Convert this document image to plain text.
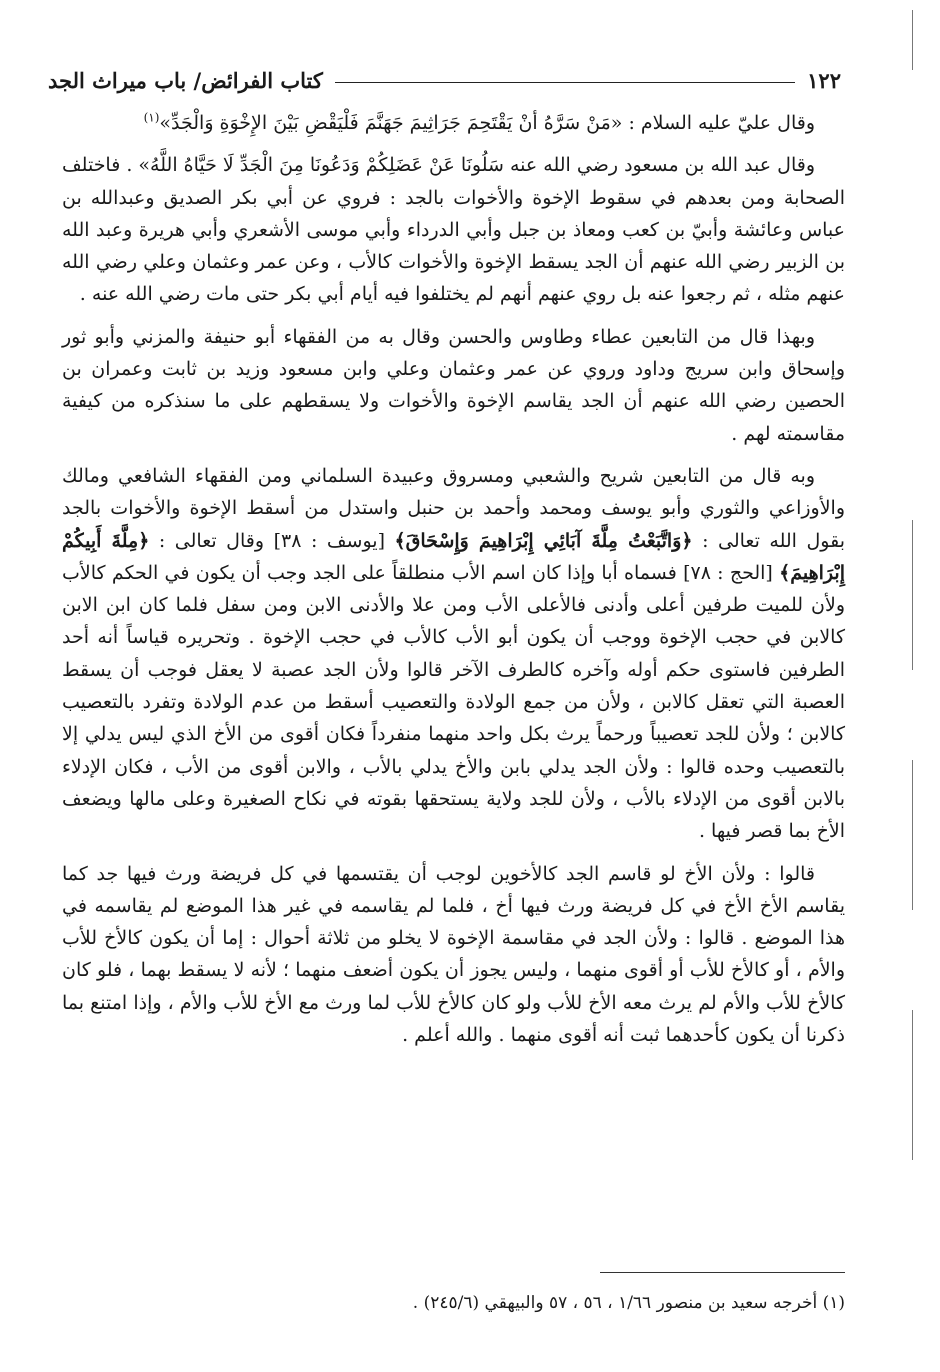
١٢٢
كتاب الفرائض/ باب ميراث الجد

وقال عليّ عليه السلام : «مَنْ سَرَّهُ أنْ يَقْتَحِمَ جَرَاثِيمَ جَهَنَّمَ فَلْيَقْضِ بَيْنَ الإِخْوَةِ وَالْجَدِّ»$^{(١)}$

وقال عبد الله بن مسعود رضي الله عنه سَلُونَا عَنْ عَضَلِكُمْ وَدَعُونَا مِنَ الْجَدِّ لَا حَيَّاهُ اللَّهُ» . فاختلف الصحابة ومن بعدهم في سقوط الإخوة والأخوات بالجد : فروي عن أبي بكر الصديق وعبدالله بن عباس وعائشة وأبيّ بن كعب ومعاذ بن جبل وأبي الدرداء وأبي موسى الأشعري وأبي هريرة وعبد الله بن الزبير رضي الله عنهم أن الجد يسقط الإخوة والأخوات كالأب ، وعن عمر وعثمان وعلي رضي الله عنهم مثله ، ثم رجعوا عنه بل روي عنهم أنهم لم يختلفوا فيه أيام أبي بكر حتى مات رضي الله عنه .

وبهذا قال من التابعين عطاء وطاوس والحسن وقال به من الفقهاء أبو حنيفة والمزني وأبو ثور وإسحاق وابن سريج وداود وروي عن عمر وعثمان وعلي وابن مسعود وزيد بن ثابت وعمران بن الحصين رضي الله عنهم أن الجد يقاسم الإخوة والأخوات ولا يسقطهم على ما سنذكره من كيفية مقاسمته لهم .

وبه قال من التابعين شريح والشعبي ومسروق وعبيدة السلماني ومن الفقهاء الشافعي ومالك والأوزاعي والثوري وأبو يوسف ومحمد وأحمد بن حنبل واستدل من أسقط الإخوة والأخوات بالجد بقول الله تعالى : ﴿وَاتَّبَعْتُ مِلَّةَ آبَائِي إِبْرَاهِيمَ وَإِسْحَاقَ﴾ [يوسف : ٣٨] وقال تعالى : ﴿مِلَّةَ أَبِيكُمْ إِبْرَاهِيمَ﴾ [الحج : ٧٨] فسماه أبا وإذا كان اسم الأب منطلقاً على الجد وجب أن يكون في الحكم كالأب ولأن للميت طرفين أعلى وأدنى فالأعلى الأب ومن علا والأدنى الابن ومن سفل فلما كان ابن الابن كالابن في حجب الإخوة ووجب أن يكون أبو الأب كالأب في حجب الإخوة . وتحريره قياساً أنه أحد الطرفين فاستوى حكم أوله وآخره كالطرف الآخر قالوا ولأن الجد عصبة لا يعقل فوجب أن يسقط العصبة التي تعقل كالابن ، ولأن من جمع الولادة والتعصيب أسقط من عدم الولادة وتفرد بالتعصيب كالابن ؛ ولأن للجد تعصيباً ورحماً يرث بكل واحد منهما منفرداً فكان أقوى من الأخ الذي ليس يدلي إلا بالتعصيب وحده قالوا : ولأن الجد يدلي بابن والأخ يدلي بالأب ، والابن أقوى من الأب ، فكان الإدلاء بالابن أقوى من الإدلاء بالأب ، ولأن للجد ولاية يستحقها بقوته في نكاح الصغيرة وعلى مالها ويضعف الأخ بما قصر فيها .

قالوا : ولأن الأخ لو قاسم الجد كالأخوين لوجب أن يقتسمها في كل فريضة ورث فيها جد كما يقاسم الأخ الأخ في كل فريضة ورث فيها أخ ، فلما لم يقاسمه في غير هذا الموضع لم يقاسمه في هذا الموضع . قالوا : ولأن الجد في مقاسمة الإخوة لا يخلو من ثلاثة أحوال : إما أن يكون كالأخ للأب والأم ، أو كالأخ للأب أو أقوى منهما ، وليس يجوز أن يكون أضعف منهما ؛ لأنه لا يسقط بهما ، فلو كان كالأخ للأب والأم لم يرث معه الأخ للأب ولو كان كالأخ للأب لما ورث مع الأخ للأب والأم ، وإذا امتنع بما ذكرنا أن يكون كأحدهما ثبت أنه أقوى منهما . والله أعلم .

(١) أخرجه سعيد بن منصور ١/٦٦ ، ٥٦ ، ٥٧ والبيهقي (٢٤٥/٦) .
